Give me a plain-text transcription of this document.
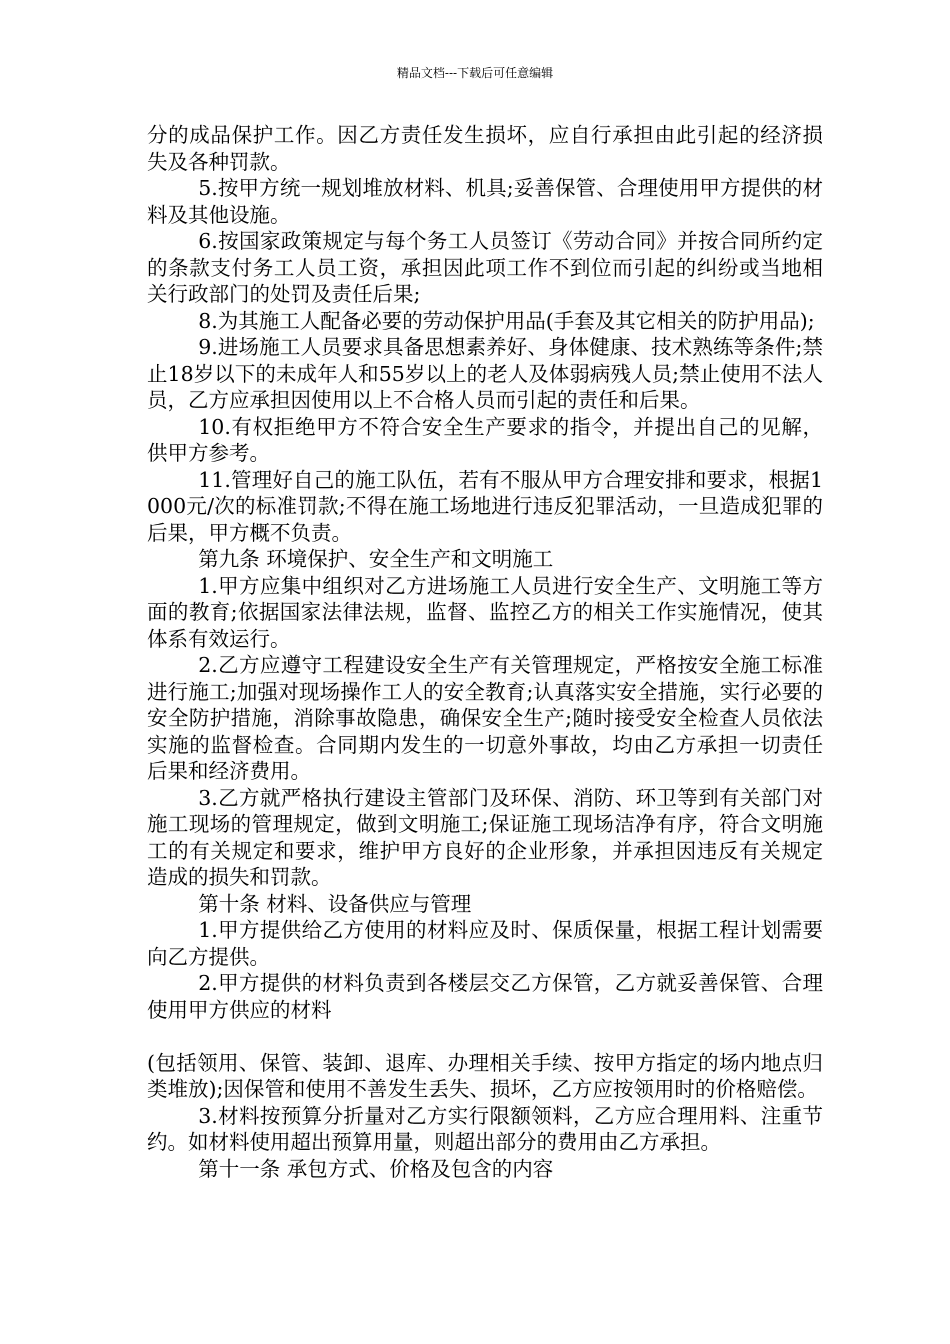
精品文档---下载后可任意编辑

分的成品保护工作。因乙方责任发生损坏，应自行承担由此引起的经济损失及各种罚款。

5.按甲方统一规划堆放材料、机具;妥善保管、合理使用甲方提供的材料及其他设施。

6.按国家政策规定与每个务工人员签订《劳动合同》并按合同所约定的条款支付务工人员工资，承担因此项工作不到位而引起的纠纷或当地相关行政部门的处罚及责任后果;

8.为其施工人配备必要的劳动保护用品(手套及其它相关的防护用品);

9.进场施工人员要求具备思想素养好、身体健康、技术熟练等条件;禁止18岁以下的未成年人和55岁以上的老人及体弱病残人员;禁止使用不法人员，乙方应承担因使用以上不合格人员而引起的责任和后果。

10.有权拒绝甲方不符合安全生产要求的指令，并提出自己的见解，供甲方参考。

11.管理好自己的施工队伍，若有不服从甲方合理安排和要求，根据1000元/次的标准罚款;不得在施工场地进行违反犯罪活动，一旦造成犯罪的后果，甲方概不负责。

第九条 环境保护、安全生产和文明施工

1.甲方应集中组织对乙方进场施工人员进行安全生产、文明施工等方面的教育;依据国家法律法规，监督、监控乙方的相关工作实施情况，使其体系有效运行。

2.乙方应遵守工程建设安全生产有关管理规定，严格按安全施工标准进行施工;加强对现场操作工人的安全教育;认真落实安全措施，实行必要的安全防护措施，消除事故隐患，确保安全生产;随时接受安全检查人员依法实施的监督检查。合同期内发生的一切意外事故，均由乙方承担一切责任后果和经济费用。

3.乙方就严格执行建设主管部门及环保、消防、环卫等到有关部门对施工现场的管理规定，做到文明施工;保证施工现场洁净有序，符合文明施工的有关规定和要求，维护甲方良好的企业形象，并承担因违反有关规定造成的损失和罚款。

第十条 材料、设备供应与管理

1.甲方提供给乙方使用的材料应及时、保质保量，根据工程计划需要向乙方提供。

2.甲方提供的材料负责到各楼层交乙方保管，乙方就妥善保管、合理使用甲方供应的材料

(包括领用、保管、装卸、退库、办理相关手续、按甲方指定的场内地点归类堆放);因保管和使用不善发生丢失、损坏，乙方应按领用时的价格赔偿。

3.材料按预算分折量对乙方实行限额领料，乙方应合理用料、注重节约。如材料使用超出预算用量，则超出部分的费用由乙方承担。

第十一条 承包方式、价格及包含的内容
